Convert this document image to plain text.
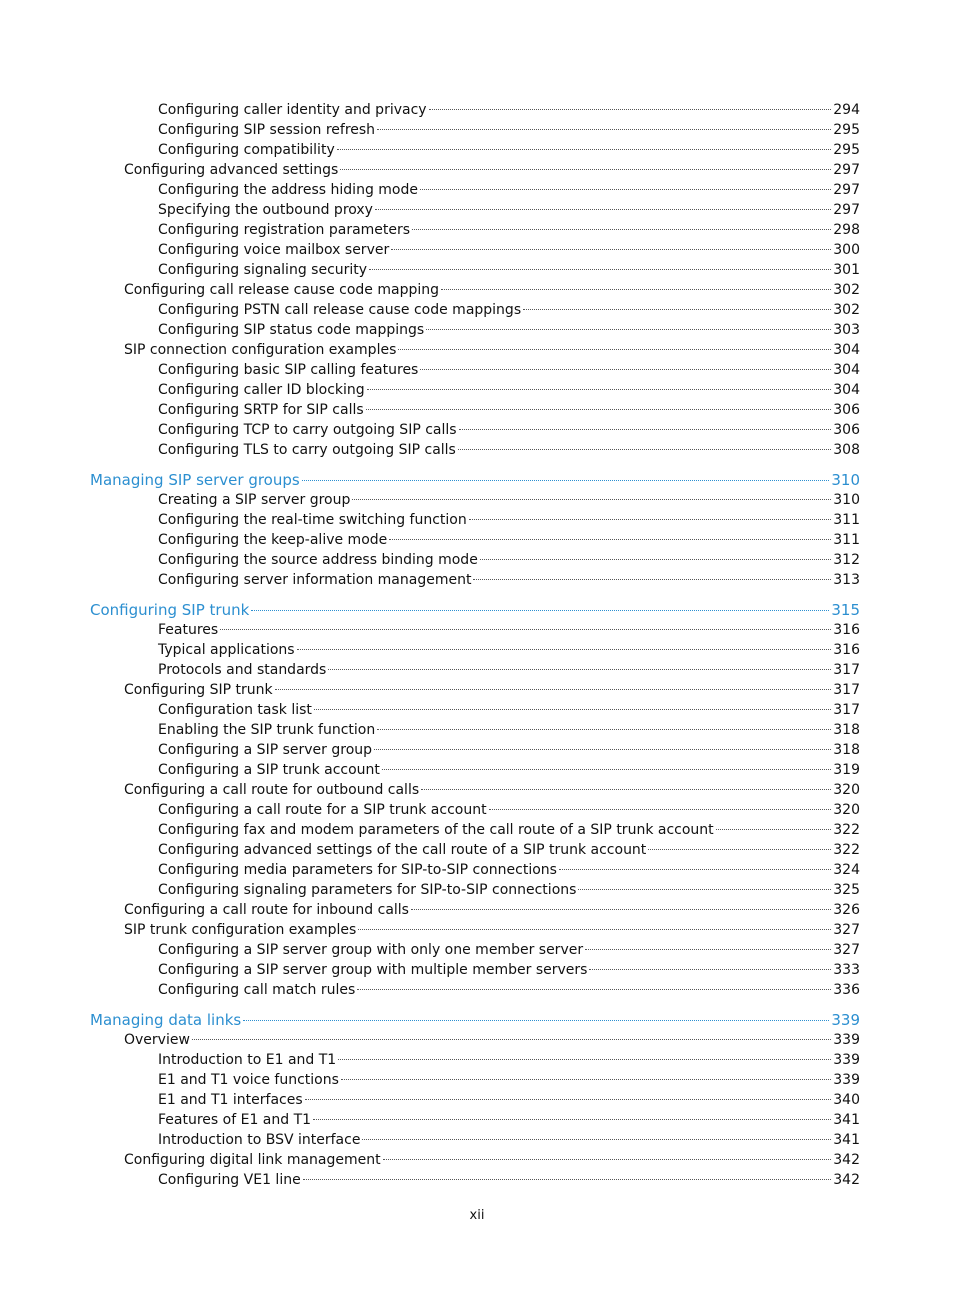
Configuring caller identity and privacy	294
Configuring SIP session refresh	295
Configuring compatibility	295
Configuring advanced settings	297
Configuring the address hiding mode	297
Specifying the outbound proxy	297
Configuring registration parameters	298
Configuring voice mailbox server	300
Configuring signaling security	301
Configuring call release cause code mapping	302
Configuring PSTN call release cause code mappings	302
Configuring SIP status code mappings	303
SIP connection configuration examples	304
Configuring basic SIP calling features	304
Configuring caller ID blocking	304
Configuring SRTP for SIP calls	306
Configuring TCP to carry outgoing SIP calls	306
Configuring TLS to carry outgoing SIP calls	308
Managing SIP server groups	310
Creating a SIP server group	310
Configuring the real-time switching function	311
Configuring the keep-alive mode	311
Configuring the source address binding mode	312
Configuring server information management	313
Configuring SIP trunk	315
Features	316
Typical applications	316
Protocols and standards	317
Configuring SIP trunk	317
Configuration task list	317
Enabling the SIP trunk function	318
Configuring a SIP server group	318
Configuring a SIP trunk account	319
Configuring a call route for outbound calls	320
Configuring a call route for a SIP trunk account	320
Configuring fax and modem parameters of the call route of a SIP trunk account	322
Configuring advanced settings of the call route of a SIP trunk account	322
Configuring media parameters for SIP-to-SIP connections	324
Configuring signaling parameters for SIP-to-SIP connections	325
Configuring a call route for inbound calls	326
SIP trunk configuration examples	327
Configuring a SIP server group with only one member server	327
Configuring a SIP server group with multiple member servers	333
Configuring call match rules	336
Managing data links	339
Overview	339
Introduction to E1 and T1	339
E1 and T1 voice functions	339
E1 and T1 interfaces	340
Features of E1 and T1	341
Introduction to BSV interface	341
Configuring digital link management	342
Configuring VE1 line	342
xii
